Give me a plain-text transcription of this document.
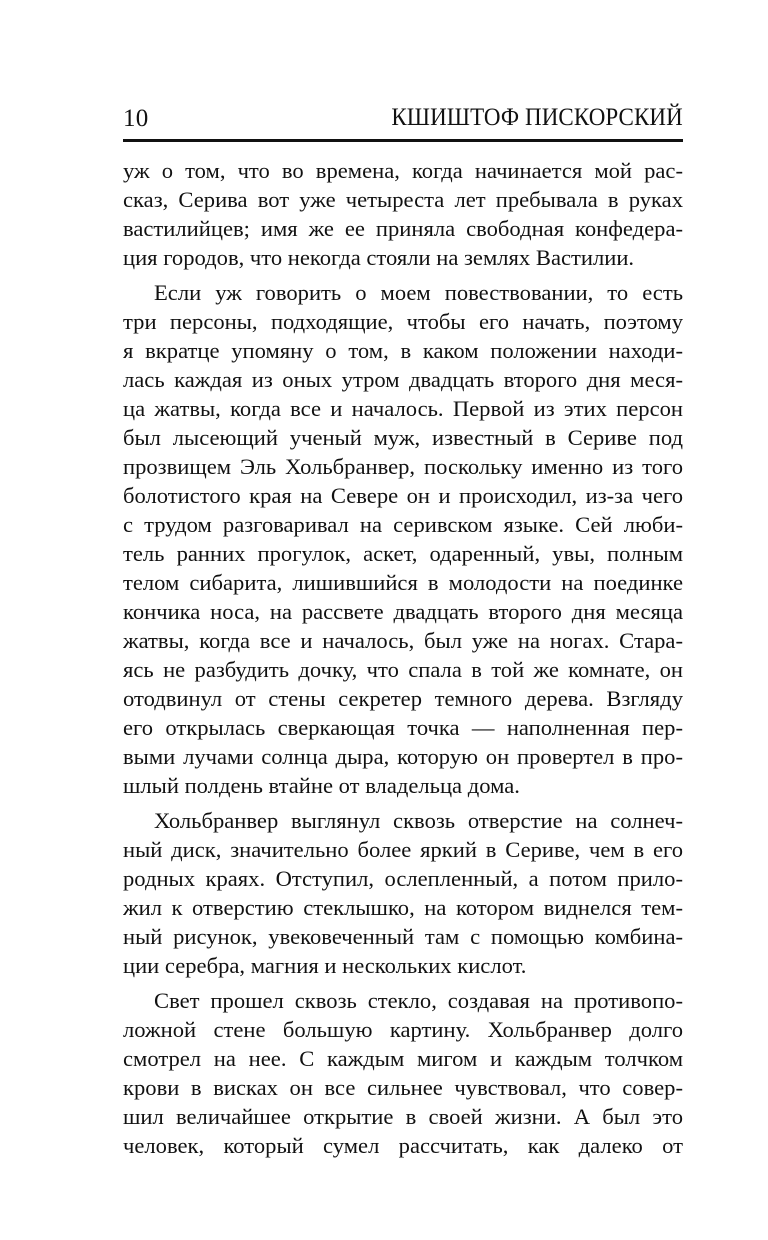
10	КШИШТОФ ПИСКОРСКИЙ
уж о том, что во времена, когда начинается мой рас-
сказ, Серива вот уже четыреста лет пребывала в руках
вастилийцев; имя же ее приняла свободная конфедера-
ция городов, что некогда стояли на землях Вастилии.
Если уж говорить о моем повествовании, то есть
три персоны, подходящие, чтобы его начать, поэтому
я вкратце упомяну о том, в каком положении находи-
лась каждая из оных утром двадцать второго дня меся-
ца жатвы, когда все и началось. Первой из этих персон
был лысеющий ученый муж, известный в Сериве под
прозвищем Эль Хольбранвер, поскольку именно из того
болотистого края на Севере он и происходил, из-за чего
с трудом разговаривал на серивском языке. Сей люби-
тель ранних прогулок, аскет, одаренный, увы, полным
телом сибарита, лишившийся в молодости на поединке
кончика носа, на рассвете двадцать второго дня месяца
жатвы, когда все и началось, был уже на ногах. Стара-
ясь не разбудить дочку, что спала в той же комнате, он
отодвинул от стены секретер темного дерева. Взгляду
его открылась сверкающая точка — наполненная пер-
выми лучами солнца дыра, которую он провертел в про-
шлый полдень втайне от владельца дома.
Хольбранвер выглянул сквозь отверстие на солнеч-
ный диск, значительно более яркий в Сериве, чем в его
родных краях. Отступил, ослепленный, а потом прило-
жил к отверстию стеклышко, на котором виднелся тем-
ный рисунок, увековеченный там с помощью комбина-
ции серебра, магния и нескольких кислот.
Свет прошел сквозь стекло, создавая на противопо-
ложной стене большую картину. Хольбранвер долго
смотрел на нее. С каждым мигом и каждым толчком
крови в висках он все сильнее чувствовал, что совер-
шил величайшее открытие в своей жизни. А был это
человек, который сумел рассчитать, как далеко от
